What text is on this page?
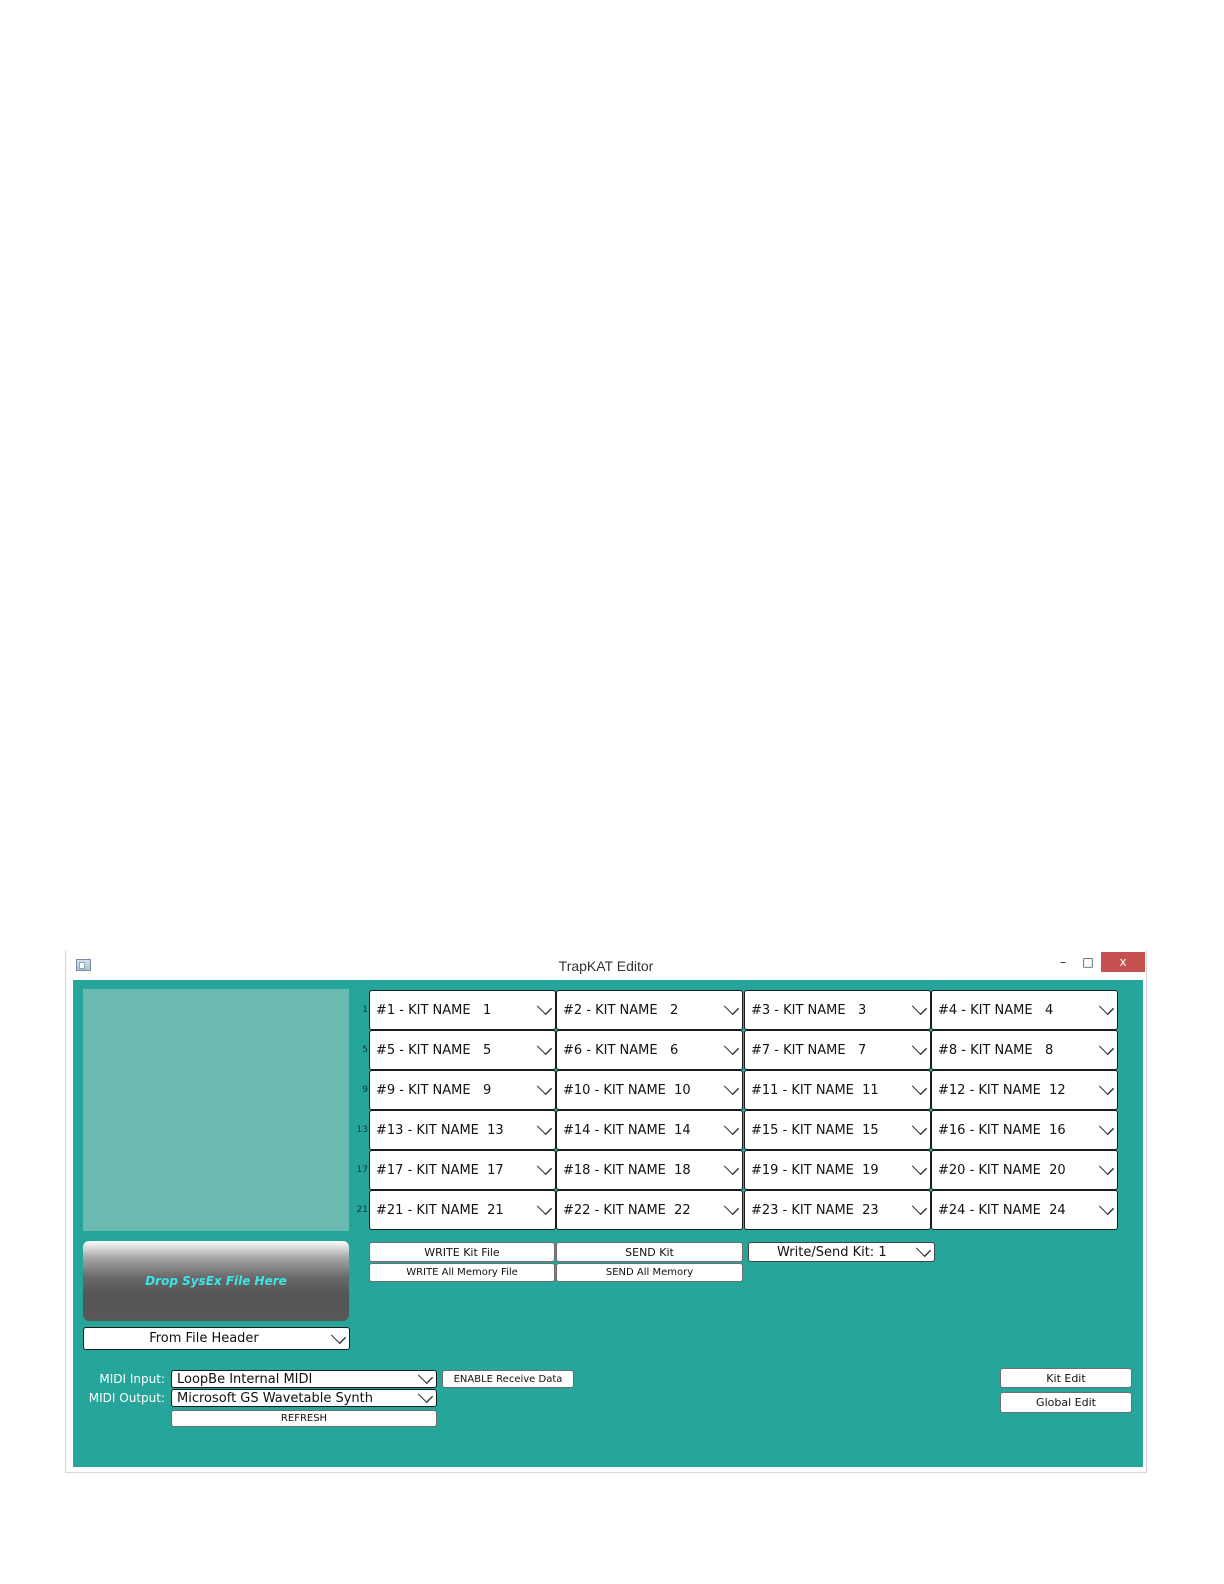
TrapKAT Editor	–	□	x
Drop SysEx File Here
From File Header
1
5
9
13
17
21
#1 - KIT NAME   1	#2 - KIT NAME   2	#3 - KIT NAME   3	#4 - KIT NAME   4
#5 - KIT NAME   5	#6 - KIT NAME   6	#7 - KIT NAME   7	#8 - KIT NAME   8
#9 - KIT NAME   9	#10 - KIT NAME  10	#11 - KIT NAME  11	#12 - KIT NAME  12
#13 - KIT NAME  13	#14 - KIT NAME  14	#15 - KIT NAME  15	#16 - KIT NAME  16
#17 - KIT NAME  17	#18 - KIT NAME  18	#19 - KIT NAME  19	#20 - KIT NAME  20
#21 - KIT NAME  21	#22 - KIT NAME  22	#23 - KIT NAME  23	#24 - KIT NAME  24
WRITE Kit File	SEND Kit	Write/Send Kit: 1
WRITE All Memory File	SEND All Memory
MIDI Input: LoopBe Internal MIDI
MIDI Output: Microsoft GS Wavetable Synth
REFRESH
ENABLE Receive Data	Kit Edit
Global Edit
